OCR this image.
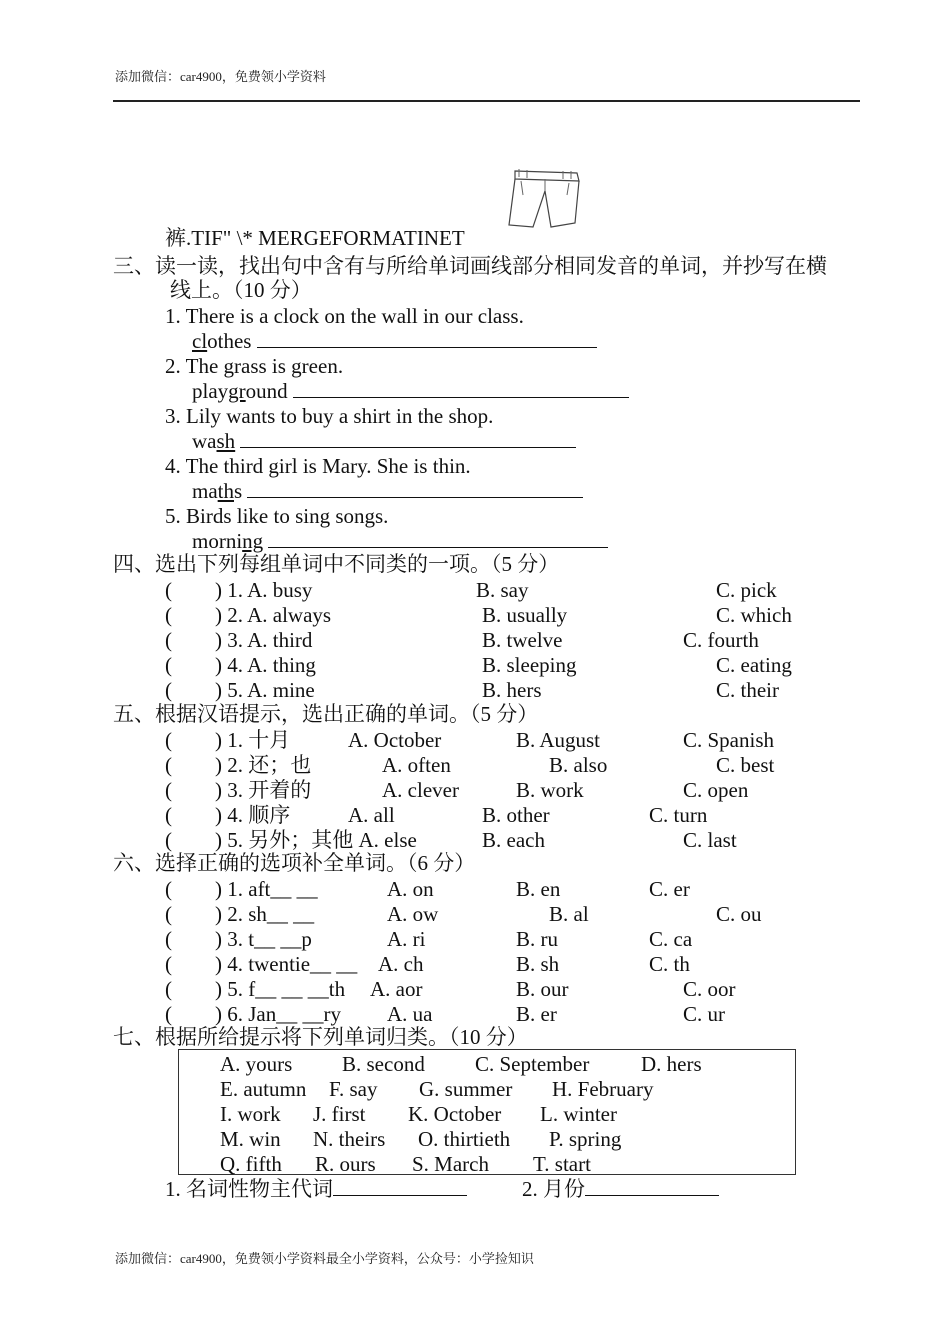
添加微信：car4900，免费领小学资料
裤.TIF" \* MERGEFORMATINET
三、读一读，找出句中含有与所给单词画线部分相同发音的单词，并抄写在横
线上。（10 分）
1. There is a clock on the wall in our class.
clothes
2. The grass is green.
playground
3. Lily wants to buy a shirt in the shop.
wash
4. The third girl is Mary. She is thin.
maths
5. Birds like to sing songs.
morning
四、选出下列每组单词中不同类的一项。（5 分）
( ) 1. A. busy	B. say	C. pick
( ) 2. A. always	B. usually	C. which
( ) 3. A. third	B. twelve	C. fourth
( ) 4. A. thing	B. sleeping	C. eating
( ) 5. A. mine	B. hers	C. their
五、根据汉语提示，选出正确的单词。（5 分）
( ) 1. 十月	A. October	B. August	C. Spanish
( ) 2. 还；也	A. often	B. also	C. best
( ) 3. 开着的	A. clever	B. work	C. open
( ) 4. 顺序	A. all	B. other	C. turn
( ) 5. 另外；其他 A. else	B. each	C. last
六、选择正确的选项补全单词。（6 分）
( ) 1. aft__ __	A. on	B. en	C. er
( ) 2. sh__ __	A. ow	B. al	C. ou
( ) 3. t__ __p	A. ri	B. ru	C. ca
( ) 4. twentie__ __ A. ch	B. sh	C. th
( ) 5. f__ __ __th A. aor	B. our	C. oor
( ) 6. Jan__ __ry A. ua	B. er	C. ur
七、根据所给提示将下列单词归类。（10 分）
A. yours B. second C. September D. hers
E. autumn F. say G. summer H. February
I. work J. first K. October L. winter
M. win N. theirs O. thirtieth P. spring
Q. fifth R. ours S. March T. start
1. 名词性物主代词	2. 月份
添加微信：car4900，免费领小学资料最全小学资料，公众号：小学捡知识
